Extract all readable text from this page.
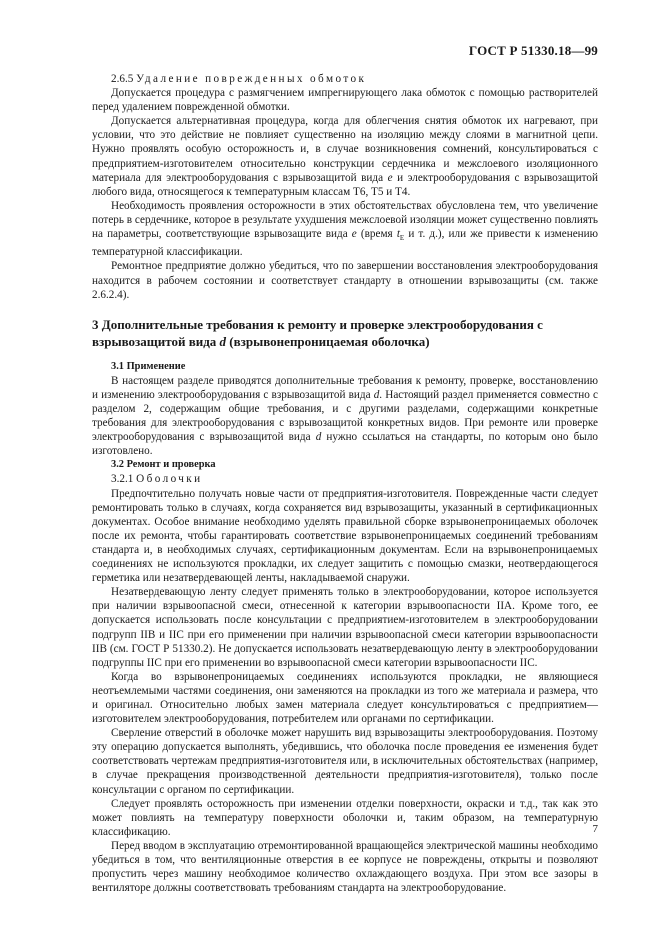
ГОСТ Р 51330.18—99

2.6.5 Удаление поврежденных обмоток

Допускается процедура с размягчением импрегнирующего лака обмоток с помощью растворителей перед удалением поврежденной обмотки.

Допускается альтернативная процедура, когда для облегчения снятия обмоток их нагревают, при условии, что это действие не повлияет существенно на изоляцию между слоями в магнитной цепи. Нужно проявлять особую осторожность и, в случае возникновения сомнений, консультироваться с предприятием-изготовителем относительно конструкции сердечника и межслоевого изоляционного материала для электрооборудования с взрывозащитой вида e и электрооборудования с взрывозащитой любого вида, относящегося к температурным классам Т6, Т5 и Т4.

Необходимость проявления осторожности в этих обстоятельствах обусловлена тем, что увеличение потерь в сердечнике, которое в результате ухудшения межслоевой изоляции может существенно повлиять на параметры, соответствующие взрывозащите вида e (время $t_E$ и т. д.), или же привести к изменению температурной классификации.

Ремонтное предприятие должно убедиться, что по завершении восстановления электрооборудования находится в рабочем состоянии и соответствует стандарту в отношении взрывозащиты (см. также 2.6.2.4).

3 Дополнительные требования к ремонту и проверке электрооборудования с взрывозащитой вида d (взрывонепроницаемая оболочка)
3.1 Применение

В настоящем разделе приводятся дополнительные требования к ремонту, проверке, восстановлению и изменению электрооборудования с взрывозащитой вида d. Настоящий раздел применяется совместно с разделом 2, содержащим общие требования, и с другими разделами, содержащими конкретные требования для электрооборудования с взрывозащитой конкретных видов. При ремонте или проверке электрооборудования с взрывозащитой вида d нужно ссылаться на стандарты, по которым оно было изготовлено.

3.2 Ремонт и проверка

3.2.1 Оболочки

Предпочтительно получать новые части от предприятия-изготовителя. Поврежденные части следует ремонтировать только в случаях, когда сохраняется вид взрывозащиты, указанный в сертификационных документах. Особое внимание необходимо уделять правильной сборке взрывонепроницаемых оболочек после их ремонта, чтобы гарантировать соответствие взрывонепроницаемых соединений требованиям стандарта и, в необходимых случаях, сертификационным документам. Если на взрывонепроницаемых соединениях не используются прокладки, их следует защитить с помощью смазки, неотвердающегося герметика или незатвердевающей ленты, накладываемой снаружи.

Незатвердевающую ленту следует применять только в электрооборудовании, которое используется при наличии взрывоопасной смеси, отнесенной к категории взрывоопасности IIA. Кроме того, ее допускается использовать после консультации с предприятием-изготовителем в электрооборудовании подгрупп IIB и IIC при его применении при наличии взрывоопасной смеси категории взрывоопасности IIB (см. ГОСТ Р 51330.2). Не допускается использовать незатвердевающую ленту в электрооборудовании подгруппы IIC при его применении во взрывоопасной смеси категории взрывоопасности IIC.

Когда во взрывонепроницаемых соединениях используются прокладки, не являющиеся неотъемлемыми частями соединения, они заменяются на прокладки из того же материала и размера, что и оригинал. Относительно любых замен материала следует консультироваться с предприятием—изготовителем электрооборудования, потребителем или органами по сертификации.

Сверление отверстий в оболочке может нарушить вид взрывозащиты электрооборудования. Поэтому эту операцию допускается выполнять, убедившись, что оболочка после проведения ее изменения будет соответствовать чертежам предприятия-изготовителя или, в исключительных обстоятельствах (например, в случае прекращения производственной деятельности предприятия-изготовителя), только после консультации с органом по сертификации.

Следует проявлять осторожность при изменении отделки поверхности, окраски и т.д., так как это может повлиять на температуру поверхности оболочки и, таким образом, на температурную классификацию.

Перед вводом в эксплуатацию отремонтированной вращающейся электрической машины необходимо убедиться в том, что вентиляционные отверстия в ее корпусе не повреждены, открыты и позволяют пропустить через машину необходимое количество охлаждающего воздуха. При этом все зазоры в вентиляторе должны соответствовать требованиям стандарта на электрооборудование.

7
